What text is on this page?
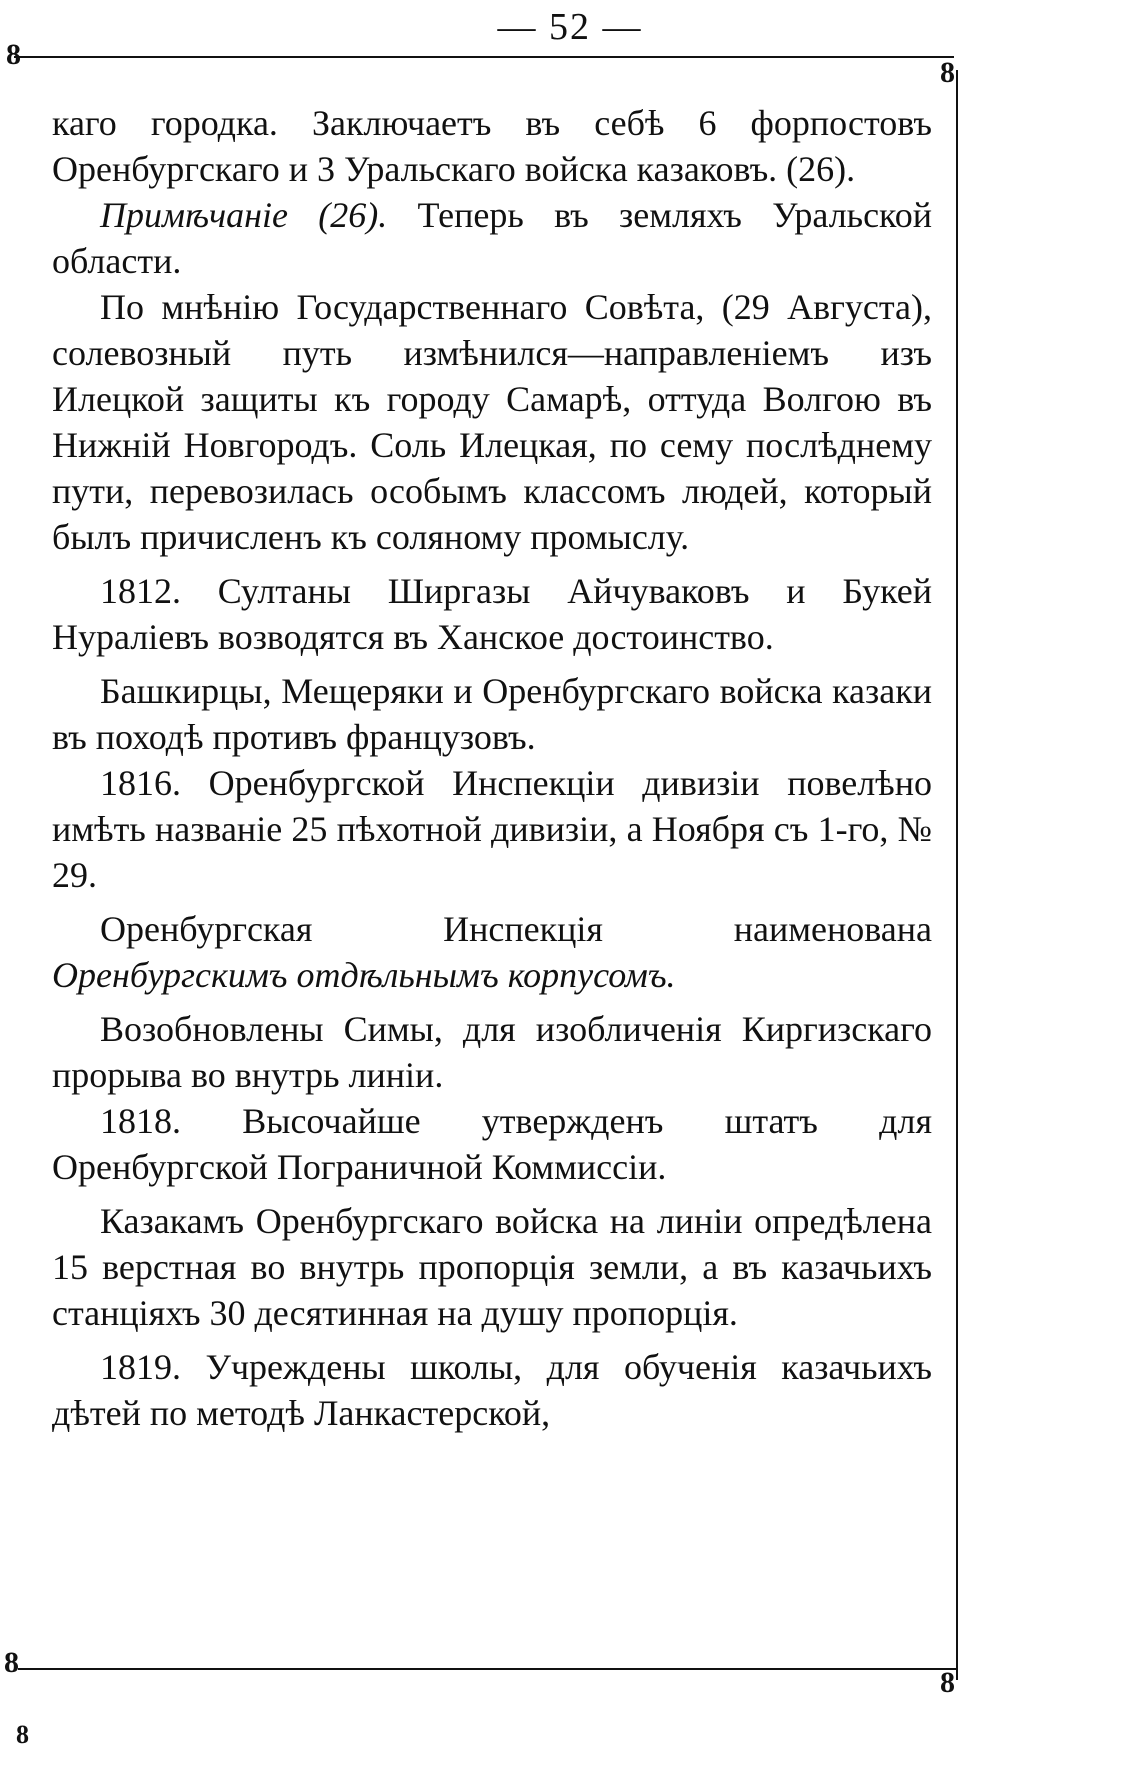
— 52 —
8
8
8
8

каго городка. Заключаетъ въ себѣ 6 форпостовъ Оренбургскаго и 3 Уральскаго войска казаковъ. (26).

Примѣчаніе (26). Теперь въ земляхъ Уральской области.

По мнѣнію Государственнаго Совѣта, (29 Августа), солевозный путь измѣнился—направленіемъ изъ Илецкой защиты къ городу Самарѣ, оттуда Волгою въ Нижній Новгородъ. Соль Илецкая, по сему послѣднему пути, перевозилась особымъ классомъ людей, который былъ причисленъ къ соляному промыслу.

1812. Султаны Ширгазы Айчуваковъ и Букей Нураліевъ возводятся въ Ханское достоинство.

Башкирцы, Мещеряки и Оренбургскаго войска казаки въ походѣ противъ французовъ.

1816. Оренбургской Инспекціи дивизіи повелѣно имѣть названіе 25 пѣхотной дивизіи, а Ноября съ 1-го, № 29.

Оренбургская Инспекція наименована Оренбургскимъ отдѣльнымъ корпусомъ.

Возобновлены Симы, для изобличенія Киргизскаго прорыва во внутрь линіи.

1818. Высочайше утвержденъ штатъ для Оренбургской Пограничной Коммиссіи.

Казакамъ Оренбургскаго войска на линіи опредѣлена 15 верстная во внутрь пропорція земли, а въ казачьихъ станціяхъ 30 десятинная на душу пропорція.

1819. Учреждены школы, для обученія казачьихъ дѣтей по методѣ Ланкастерской,

8
